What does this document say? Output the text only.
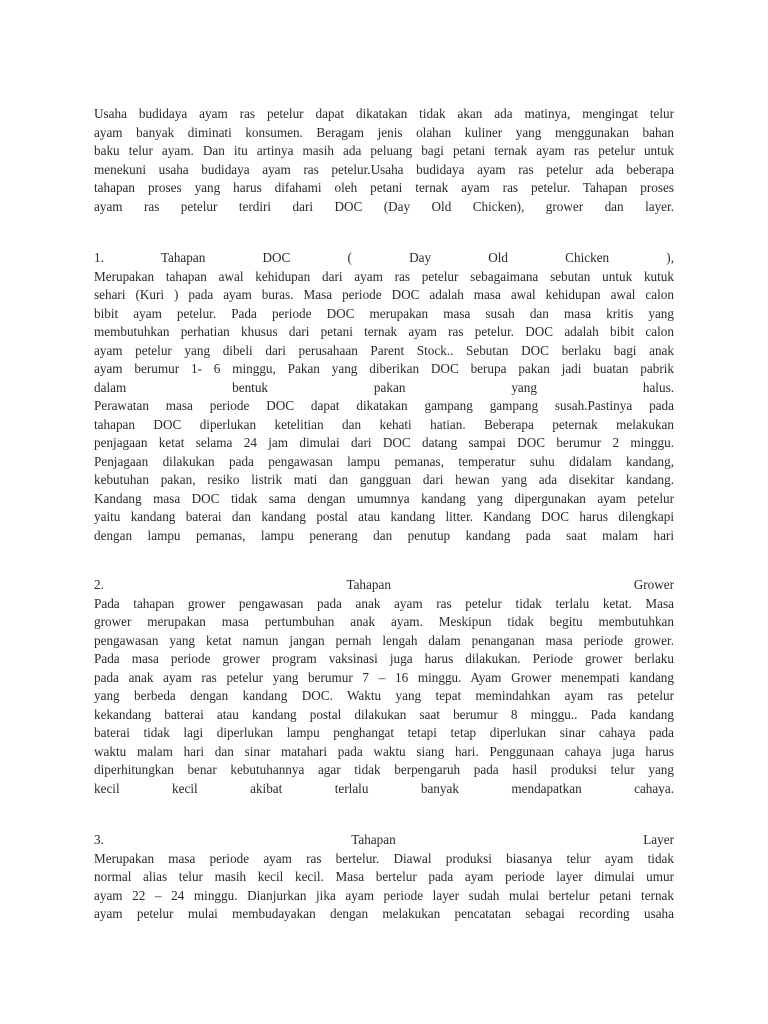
Usaha budidaya ayam ras petelur dapat dikatakan tidak akan ada matinya, mengingat telur
ayam banyak diminati konsumen. Beragam jenis olahan kuliner yang menggunakan bahan
baku telur ayam. Dan itu artinya masih ada peluang bagi petani ternak ayam ras petelur untuk
menekuni usaha budidaya ayam ras petelur.Usaha budidaya ayam ras petelur ada beberapa
tahapan proses yang harus difahami oleh petani ternak ayam ras petelur. Tahapan proses
ayam ras petelur terdiri dari DOC (Day Old Chicken), grower dan layer.
1. Tahapan DOC ( Day Old Chicken ),
Merupakan tahapan awal kehidupan dari ayam ras petelur sebagaimana sebutan untuk kutuk
sehari (Kuri ) pada ayam buras. Masa periode DOC adalah masa awal kehidupan awal calon
bibit ayam petelur. Pada periode DOC merupakan masa susah dan masa kritis yang
membutuhkan perhatian khusus dari petani ternak ayam ras petelur. DOC adalah bibit calon
ayam petelur yang dibeli dari perusahaan Parent Stock.. Sebutan DOC berlaku bagi anak
ayam berumur 1- 6 minggu, Pakan yang diberikan DOC berupa pakan jadi buatan pabrik
dalam bentuk pakan yang halus.
Perawatan masa periode DOC dapat dikatakan gampang gampang susah.Pastinya pada
tahapan DOC diperlukan ketelitian dan kehati hatian. Beberapa peternak melakukan
penjagaan ketat selama 24 jam dimulai dari DOC datang sampai DOC berumur 2 minggu.
Penjagaan dilakukan pada pengawasan lampu pemanas, temperatur suhu didalam kandang,
kebutuhan pakan, resiko listrik mati dan gangguan dari hewan yang ada disekitar kandang.
Kandang masa DOC tidak sama dengan umumnya kandang yang dipergunakan ayam petelur
yaitu kandang baterai dan kandang postal atau kandang litter. Kandang DOC harus dilengkapi
dengan lampu pemanas, lampu penerang dan penutup kandang pada saat malam hari
2. Tahapan Grower
Pada tahapan grower pengawasan pada anak ayam ras petelur tidak terlalu ketat. Masa
grower merupakan masa pertumbuhan anak ayam. Meskipun tidak begitu membutuhkan
pengawasan yang ketat namun jangan pernah lengah dalam penanganan masa periode grower.
Pada masa periode grower program vaksinasi juga harus dilakukan. Periode grower berlaku
pada anak ayam ras petelur yang berumur 7 – 16 minggu. Ayam Grower menempati kandang
yang berbeda dengan kandang DOC. Waktu yang tepat memindahkan ayam ras petelur
kekandang batterai atau kandang postal dilakukan saat berumur 8 minggu.. Pada kandang
baterai tidak lagi diperlukan lampu penghangat tetapi tetap diperlukan sinar cahaya pada
waktu malam hari dan sinar matahari pada waktu siang hari. Penggunaan cahaya juga harus
diperhitungkan benar kebutuhannya agar tidak berpengaruh pada hasil produksi telur yang
kecil kecil akibat terlalu banyak mendapatkan cahaya.
3. Tahapan Layer
Merupakan masa periode ayam ras bertelur. Diawal produksi biasanya telur ayam tidak
normal alias telur masih kecil kecil. Masa bertelur pada ayam periode layer dimulai umur
ayam 22 – 24 minggu. Dianjurkan jika ayam periode layer sudah mulai bertelur petani ternak
ayam petelur mulai membudayakan dengan melakukan pencatatan sebagai recording usaha
